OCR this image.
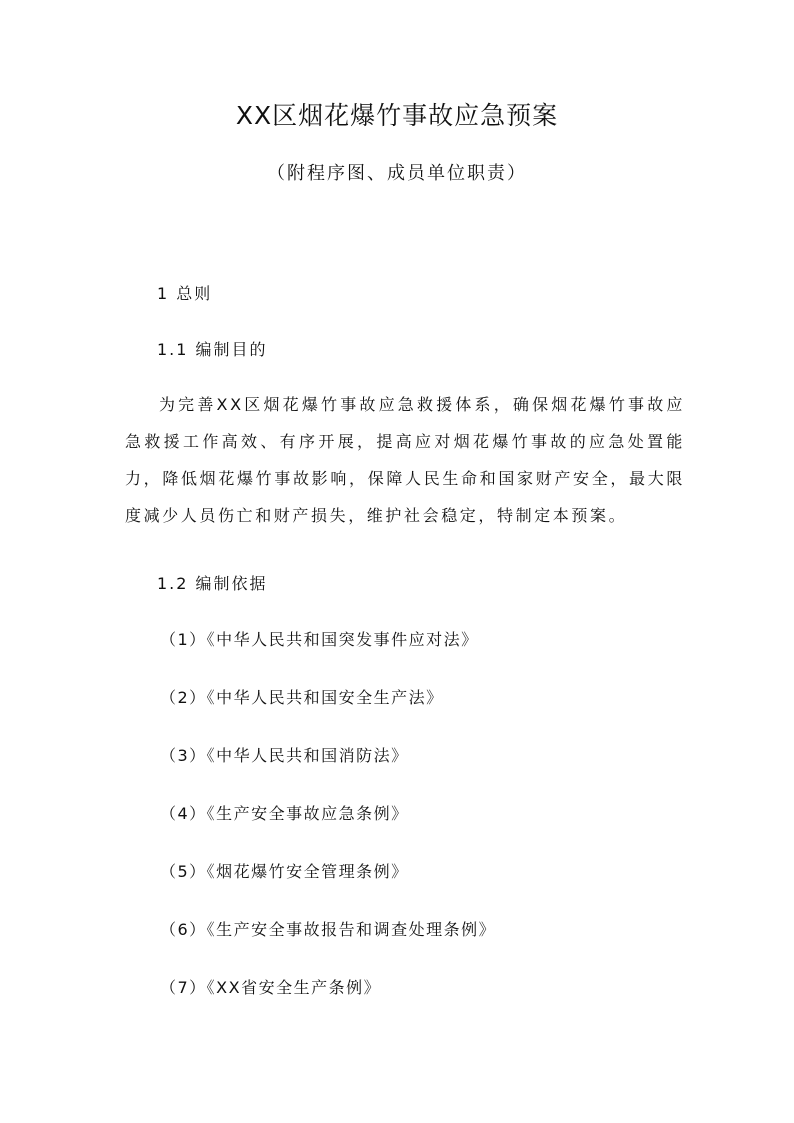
XX区烟花爆竹事故应急预案
（附程序图、成员单位职责）
1 总则
1.1 编制目的
为完善XX区烟花爆竹事故应急救援体系，确保烟花爆竹事故应急救援工作高效、有序开展，提高应对烟花爆竹事故的应急处置能力，降低烟花爆竹事故影响，保障人民生命和国家财产安全，最大限度减少人员伤亡和财产损失，维护社会稳定，特制定本预案。
1.2 编制依据
（1）《中华人民共和国突发事件应对法》
（2）《中华人民共和国安全生产法》
（3）《中华人民共和国消防法》
（4）《生产安全事故应急条例》
（5）《烟花爆竹安全管理条例》
（6）《生产安全事故报告和调查处理条例》
（7）《XX省安全生产条例》
